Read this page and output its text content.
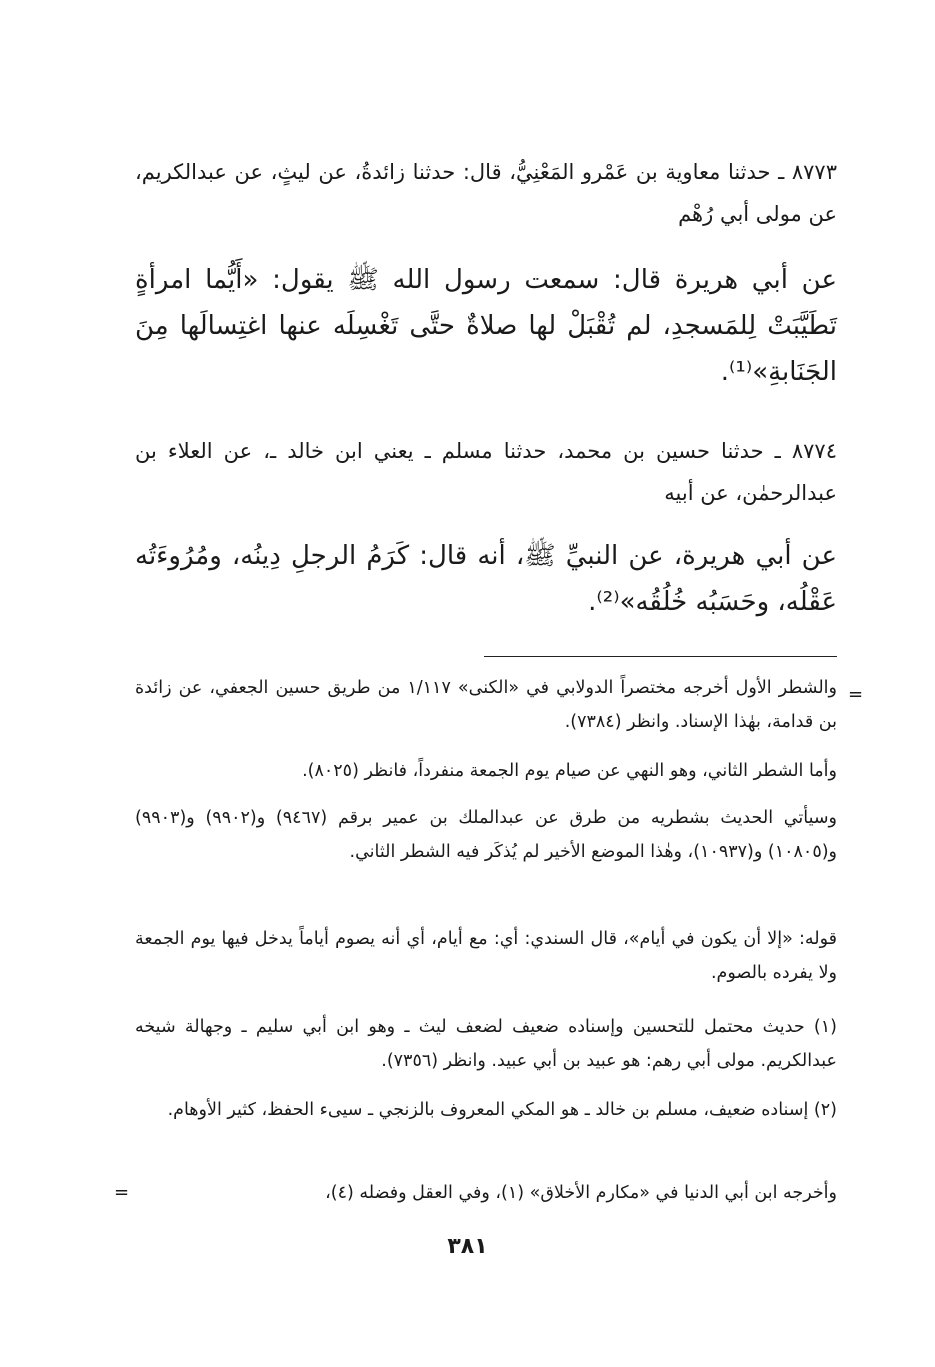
٨٧٧٣ ـ حدثنا معاوية بن عَمْرو المَعْنِيُّ، قال: حدثنا زائدةُ، عن ليثٍ، عن عبدالكريم، عن مولى أبي رُهْم

عن أبي هريرة قال: سمعت رسول الله ﷺ يقول: «أَيُّما امرأةٍ تَطَيَّبَتْ لِلمَسجدِ، لم تُقْبَلْ لها صلاةٌ حتَّى تَغْسِلَه عنها اغتِسالَها مِنَ الجَنَابةِ»⁽¹⁾.

٨٧٧٤ ـ حدثنا حسين بن محمد، حدثنا مسلم ـ يعني ابن خالد ـ، عن العلاء بن عبدالرحمٰن، عن أبيه

عن أبي هريرة، عن النبيِّ ﷺ، أنه قال: كَرَمُ الرجلِ دِينُه، ومُرُوءَتُه عَقْلُه، وحَسَبُه خُلُقُه»⁽²⁾.

=

والشطر الأول أخرجه مختصراً الدولابي في «الكنى» ١/١١٧ من طريق حسين الجعفي، عن زائدة بن قدامة، بهٰذا الإسناد. وانظر (٧٣٨٤).

وأما الشطر الثاني، وهو النهي عن صيام يوم الجمعة منفرداً، فانظر (٨٠٢٥).

وسيأتي الحديث بشطريه من طرق عن عبدالملك بن عمير برقم (٩٤٦٧) و(٩٩٠٢) و(٩٩٠٣) و(١٠٨٠٥) و(١٠٩٣٧)، وهٰذا الموضع الأخير لم يُذكَر فيه الشطر الثاني.

قوله: «إلا أن يكون في أيام»، قال السندي: أي: مع أيام، أي أنه يصوم أياماً يدخل فيها يوم الجمعة ولا يفرده بالصوم.

(١) حديث محتمل للتحسين وإسناده ضعيف لضعف ليث ـ وهو ابن أبي سليم ـ وجهالة شيخه عبدالكريم. مولى أبي رهم: هو عبيد بن أبي عبيد. وانظر (٧٣٥٦).

(٢) إسناده ضعيف، مسلم بن خالد ـ هو المكي المعروف بالزنجي ـ سيىء الحفظ، كثير الأوهام.

وأخرجه ابن أبي الدنيا في «مكارم الأخلاق» (١)، وفي العقل وفضله (٤)،

=
٣٨١
